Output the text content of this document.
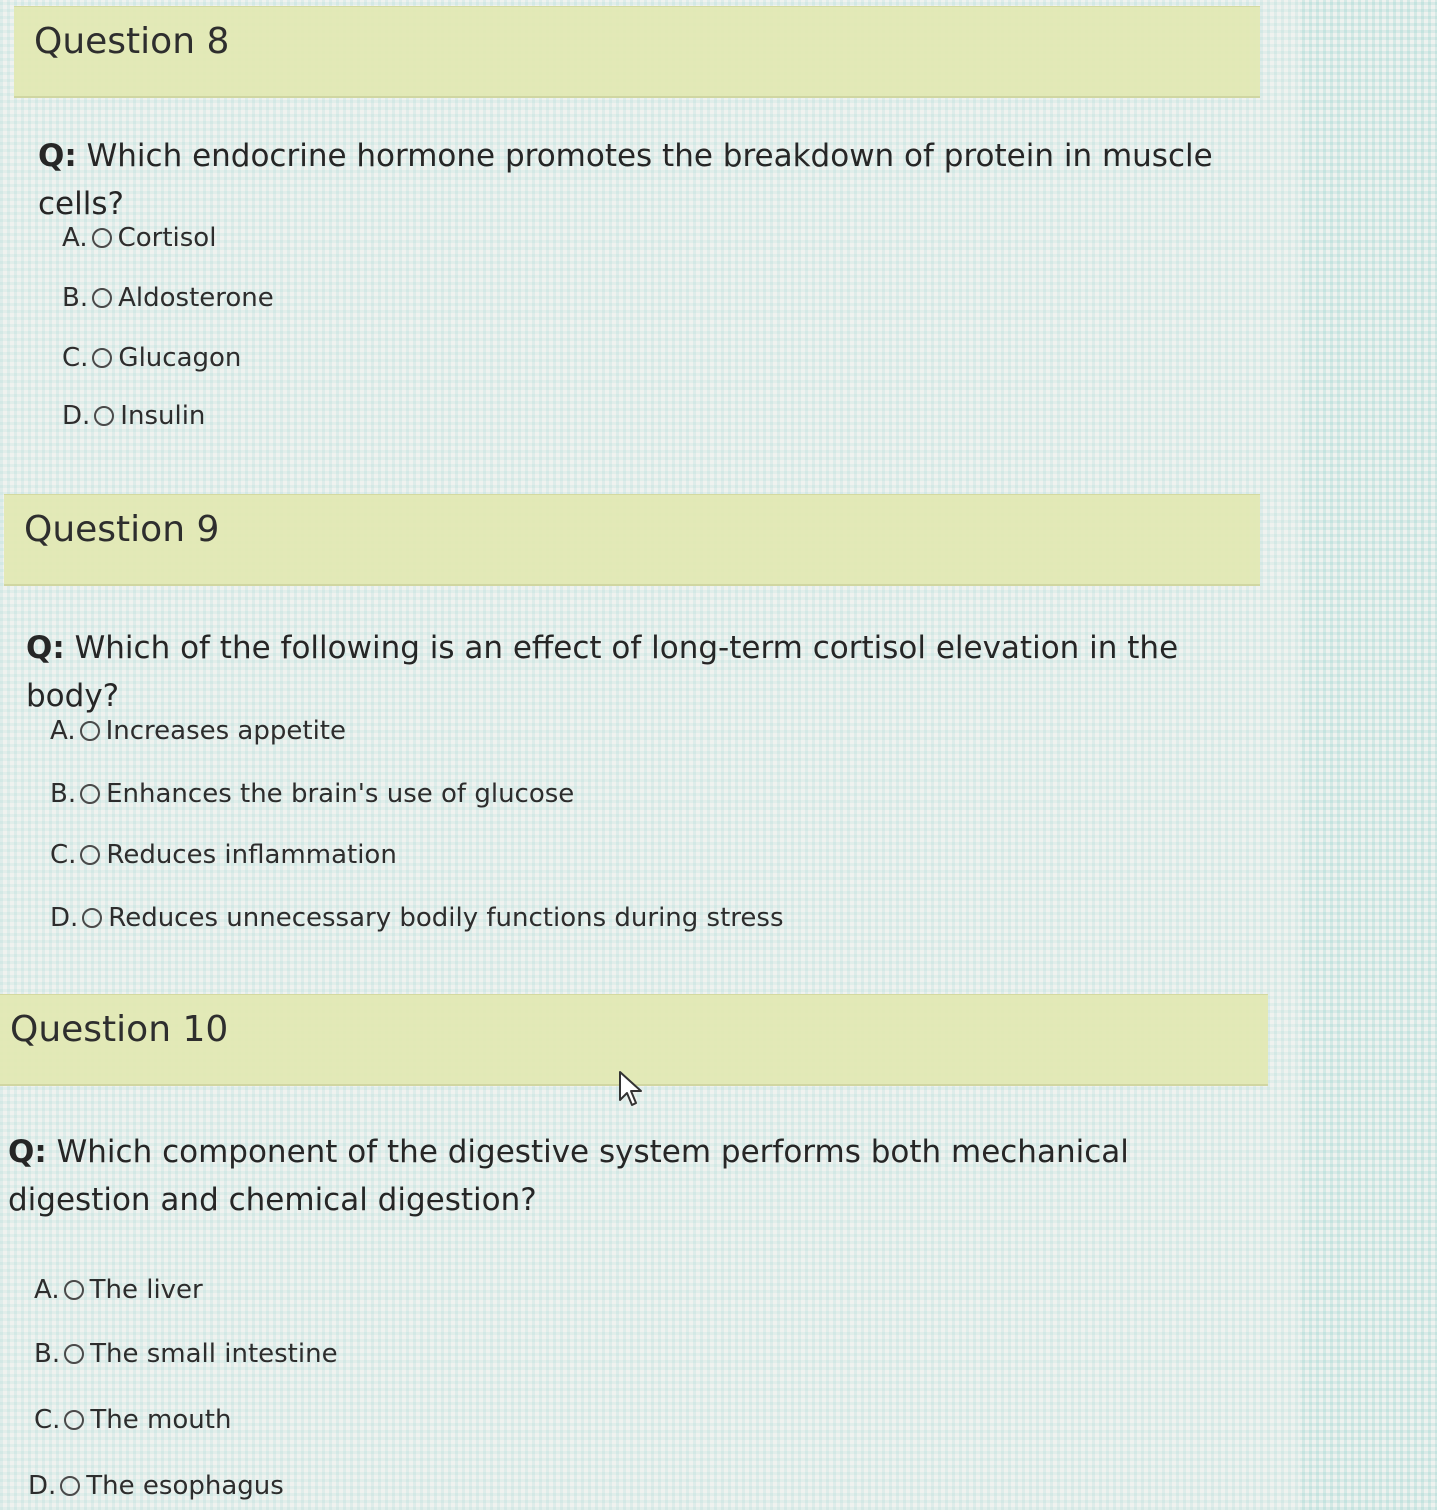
Question 8
Q: Which endocrine hormone promotes the breakdown of protein in muscle cells?
A. Cortisol
B. Aldosterone
C. Glucagon
D. Insulin
Question 9
Q: Which of the following is an effect of long-term cortisol elevation in the body?
A. Increases appetite
B. Enhances the brain's use of glucose
C. Reduces inflammation
D. Reduces unnecessary bodily functions during stress
Question 10
Q: Which component of the digestive system performs both mechanical digestion and chemical digestion?
A. The liver
B. The small intestine
C. The mouth
D. The esophagus
